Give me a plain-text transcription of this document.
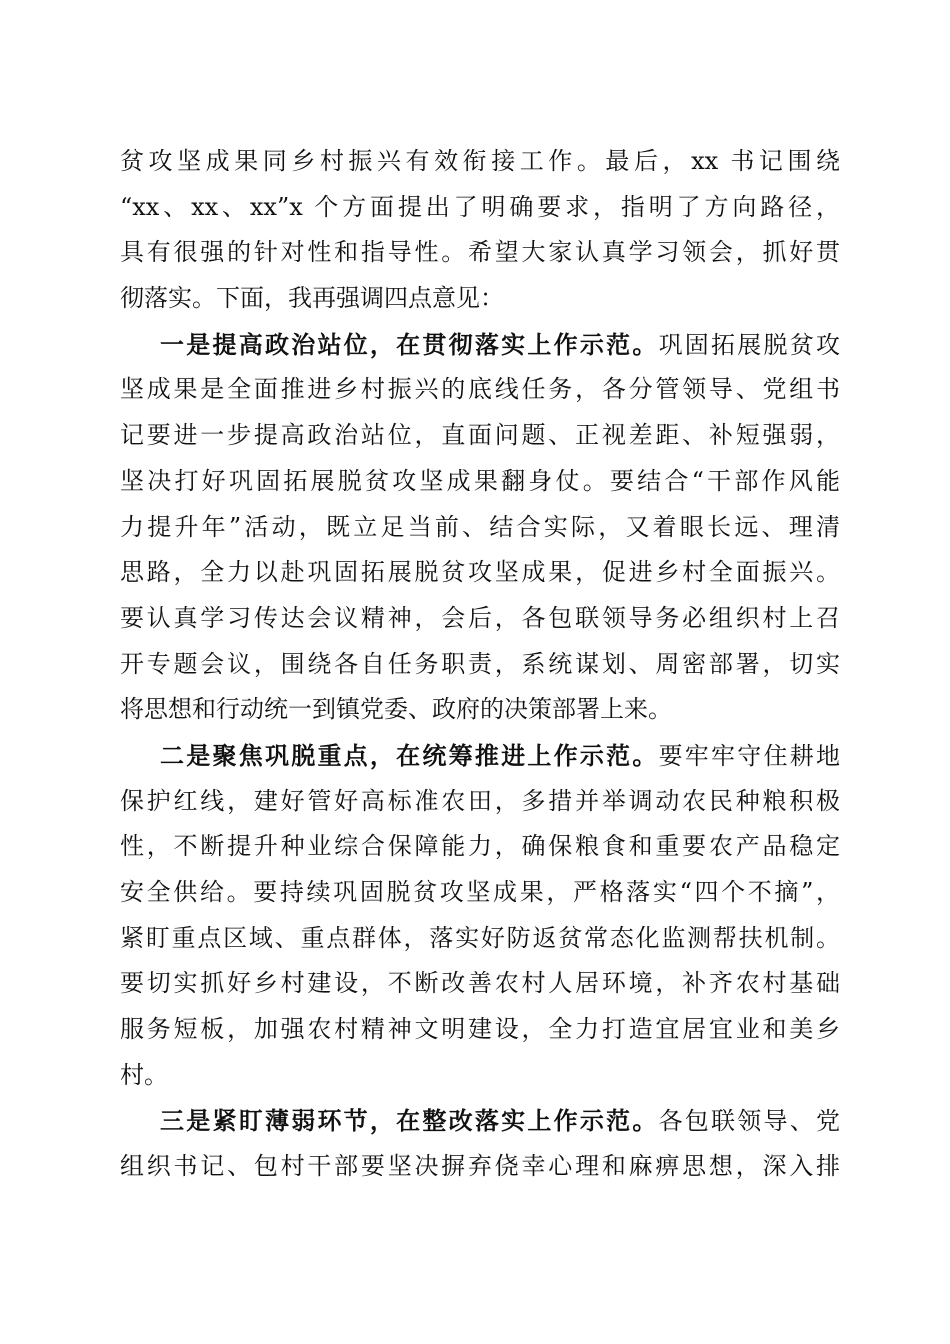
贫攻坚成果同乡村振兴有效衔接工作。最后，xx 书记围绕
“xx、xx、xx”x 个方面提出了明确要求，指明了方向路径，
具有很强的针对性和指导性。希望大家认真学习领会，抓好贯
彻落实。下面，我再强调四点意见：
一是提高政治站位，在贯彻落实上作示范。巩固拓展脱贫攻
坚成果是全面推进乡村振兴的底线任务，各分管领导、党组书
记要进一步提高政治站位，直面问题、正视差距、补短强弱，
坚决打好巩固拓展脱贫攻坚成果翻身仗。要结合“干部作风能
力提升年”活动，既立足当前、结合实际，又着眼长远、理清
思路，全力以赴巩固拓展脱贫攻坚成果，促进乡村全面振兴。
要认真学习传达会议精神，会后，各包联领导务必组织村上召
开专题会议，围绕各自任务职责，系统谋划、周密部署，切实
将思想和行动统一到镇党委、政府的决策部署上来。
二是聚焦巩脱重点，在统筹推进上作示范。要牢牢守住耕地
保护红线，建好管好高标准农田，多措并举调动农民种粮积极
性，不断提升种业综合保障能力，确保粮食和重要农产品稳定
安全供给。要持续巩固脱贫攻坚成果，严格落实“四个不摘”，
紧盯重点区域、重点群体，落实好防返贫常态化监测帮扶机制。
要切实抓好乡村建设，不断改善农村人居环境，补齐农村基础
服务短板，加强农村精神文明建设，全力打造宜居宜业和美乡
村。
三是紧盯薄弱环节，在整改落实上作示范。各包联领导、党
组织书记、包村干部要坚决摒弃侥幸心理和麻痹思想，深入排
